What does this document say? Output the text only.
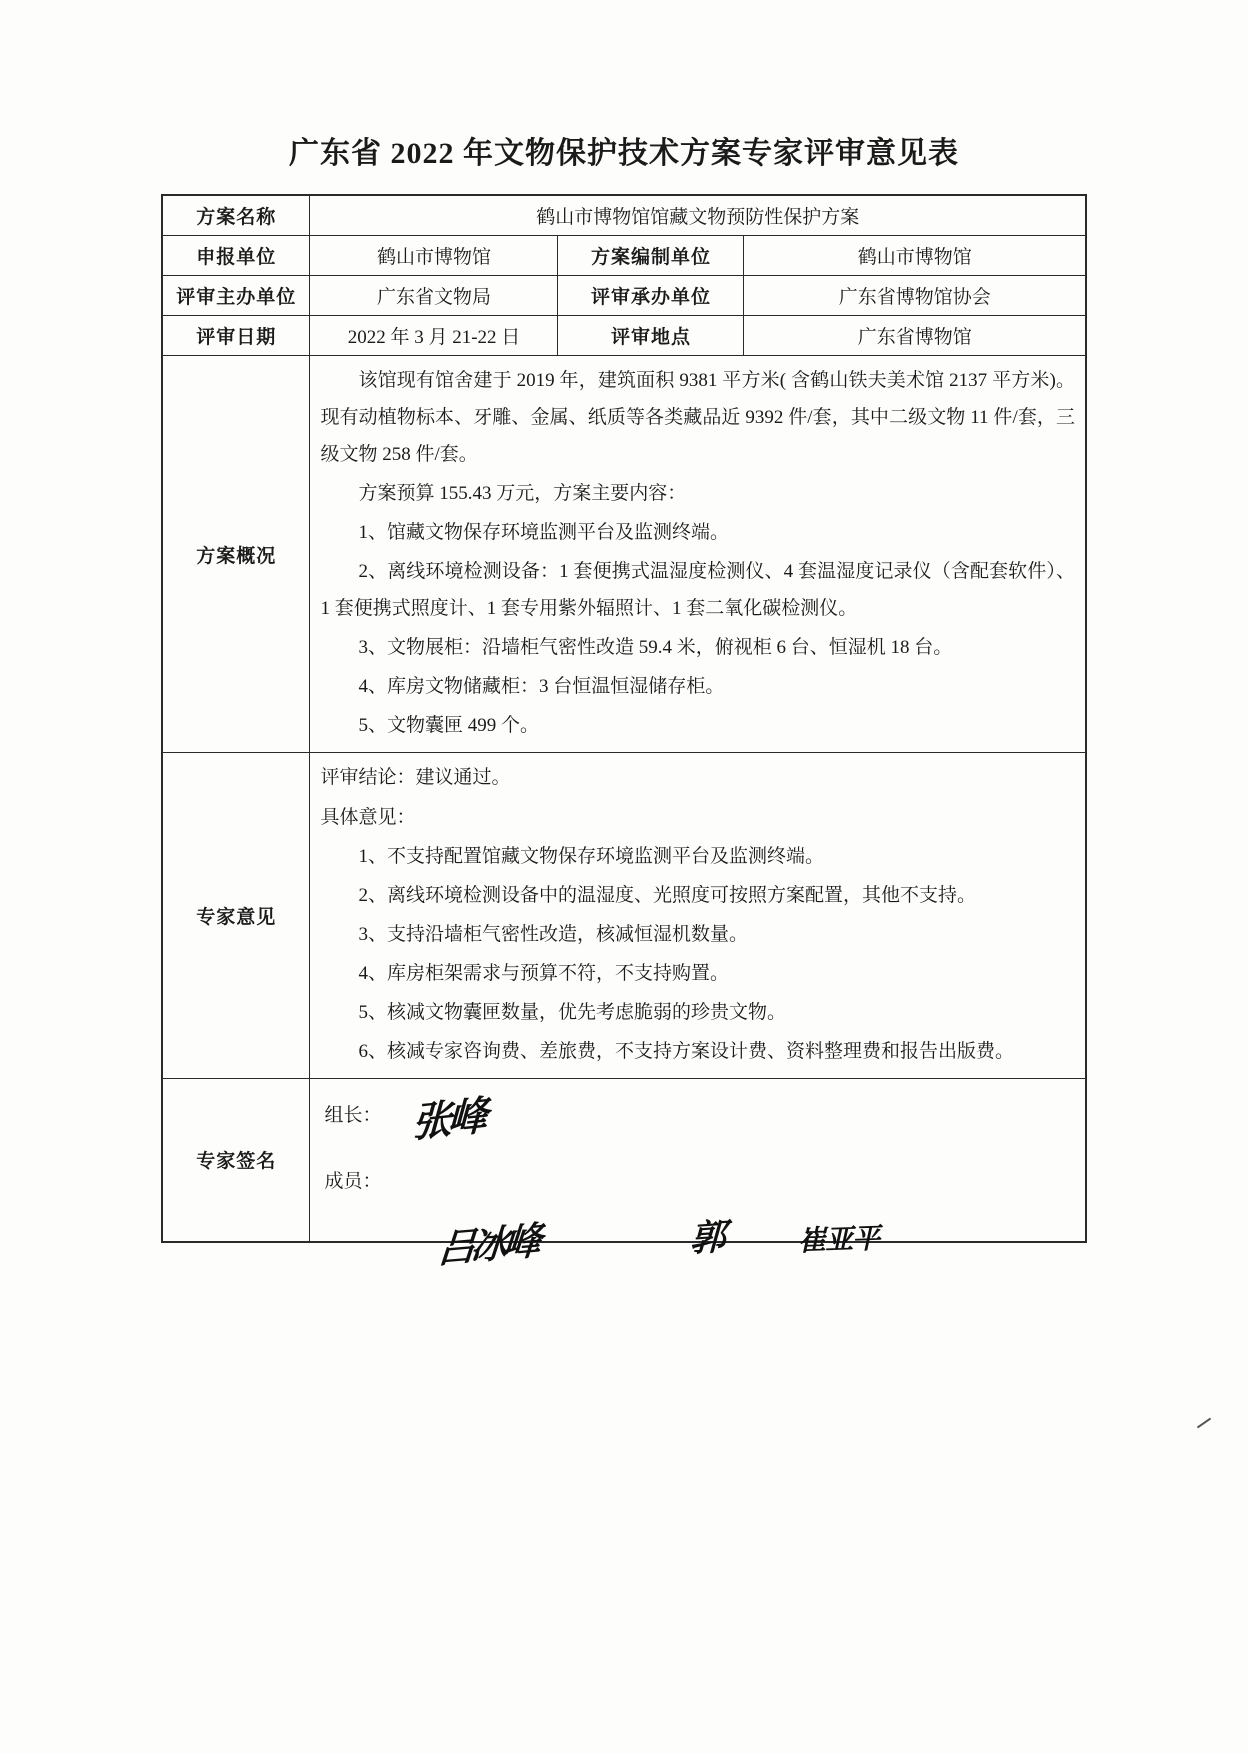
广东省 2022 年文物保护技术方案专家评审意见表
方案名称	鹤山市博物馆馆藏文物预防性保护方案		
申报单位	鹤山市博物馆	方案编制单位	鹤山市博物馆
评审主办单位	广东省文物局	评审承办单位	广东省博物馆协会
评审日期	2022 年 3 月 21-22 日	评审地点	广东省博物馆
方案概况	

该馆现有馆舍建于 2019 年，建筑面积 9381 平方米( 含鹤山铁夫美术馆 2137 平方米)。现有动植物标本、牙雕、金属、纸质等各类藏品近 9392 件/套，其中二级文物 11 件/套，三级文物 258 件/套。

方案预算 155.43 万元，方案主要内容：

1、馆藏文物保存环境监测平台及监测终端。

2、离线环境检测设备：1 套便携式温湿度检测仪、4 套温湿度记录仪（含配套软件）、1 套便携式照度计、1 套专用紫外辐照计、1 套二氧化碳检测仪。

3、文物展柜：沿墙柜气密性改造 59.4 米，俯视柜 6 台、恒湿机 18 台。

4、库房文物储藏柜：3 台恒温恒湿储存柜。

5、文物囊匣 499 个。

专家意见	

评审结论：建议通过。

具体意见：

1、不支持配置馆藏文物保存环境监测平台及监测终端。

2、离线环境检测设备中的温湿度、光照度可按照方案配置，其他不支持。

3、支持沿墙柜气密性改造，核减恒湿机数量。

4、库房柜架需求与预算不符，不支持购置。

5、核减文物囊匣数量，优先考虑脆弱的珍贵文物。

6、核减专家咨询费、差旅费，不支持方案设计费、资料整理费和报告出版费。

专家签名	
组长： 张峰
成员：
吕冰峰	郭	崔亚平
